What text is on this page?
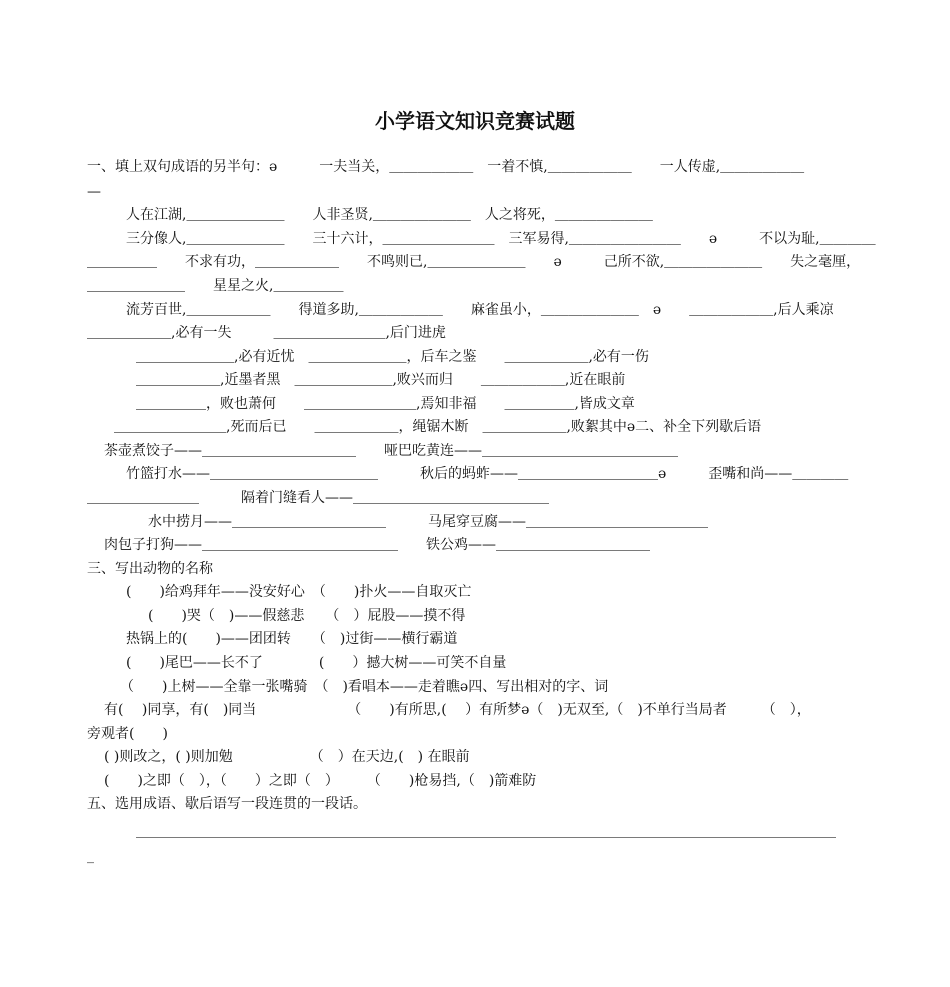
小学语文知识竞赛试题
一、填上双句成语的另半句：ə　　　一夫当关，＿＿＿＿＿＿　一着不慎,＿＿＿＿＿＿　　一人传虚,＿＿＿＿＿＿
—
人在江湖,＿＿＿＿＿＿＿　　人非圣贤,＿＿＿＿＿＿＿　人之将死，＿＿＿＿＿＿＿
三分像人,＿＿＿＿＿＿＿　　三十六计，＿＿＿＿＿＿＿＿　三军易得,＿＿＿＿＿＿＿＿　　ə　　　不以为耻,＿＿＿＿
＿＿＿＿＿　　不求有功，＿＿＿＿＿＿　　不鸣则已,＿＿＿＿＿＿＿　　ə　　　己所不欲,＿＿＿＿＿＿＿　　失之毫厘，
＿＿＿＿＿＿＿　　星星之火,＿＿＿＿＿
流芳百世,＿＿＿＿＿＿　　得道多助,＿＿＿＿＿＿　　麻雀虽小，＿＿＿＿＿＿＿　ə　　＿＿＿＿＿＿,后人乘凉
＿＿＿＿＿＿,必有一失　　　＿＿＿＿＿＿＿＿,后门进虎
＿＿＿＿＿＿＿,必有近忧　＿＿＿＿＿＿＿，后车之鉴　　＿＿＿＿＿＿,必有一伤
＿＿＿＿＿＿,近墨者黑　＿＿＿＿＿＿＿,败兴而归　　＿＿＿＿＿＿,近在眼前
＿＿＿＿＿，败也萧何　　＿＿＿＿＿＿＿＿,焉知非福　　＿＿＿＿＿,皆成文章
＿＿＿＿＿＿＿＿,死而后已　　＿＿＿＿＿＿，绳锯木断　＿＿＿＿＿＿,败絮其中ə二、补全下列歇后语
茶壶煮饺子——＿＿＿＿＿＿＿＿＿＿＿　　哑巴吃黄连——＿＿＿＿＿＿＿＿＿＿＿＿＿＿
竹篮打水——＿＿＿＿＿＿＿＿＿＿＿＿　　　秋后的蚂蚱——＿＿＿＿＿＿＿＿＿＿ə　　　歪嘴和尚——＿＿＿＿
＿＿＿＿＿＿＿＿　　　隔着门缝看人——＿＿＿＿＿＿＿＿＿＿＿＿＿＿
水中捞月——＿＿＿＿＿＿＿＿＿＿＿　　　马尾穿豆腐——＿＿＿＿＿＿＿＿＿＿＿＿＿
肉包子打狗——＿＿＿＿＿＿＿＿＿＿＿＿＿＿　　铁公鸡——＿＿＿＿＿＿＿＿＿＿＿
三、写出动物的名称
(　　)给鸡拜年——没安好心　（　　)扑火——自取灭亡
(　　)哭（　)——假慈悲　　（　）屁股——摸不得
热锅上的(　　)——团团转　　（　)过街——横行霸道
(　　)尾巴——长不了　　　　(　　）撼大树——可笑不自量
（　　)上树——全靠一张嘴骑　（　)看唱本——走着瞧ə四、写出相对的字、词
有(　 )同享，有(　)同当　　　　　　　（　　)有所思,(　 ）有所梦ə（　)无双至,（　)不单行当局者　　　（　），
旁观者(　　)
( )则改之，( )则加勉　　　　　　（　）在天边,(　) 在眼前
(　　)之即（　），（　　）之即（　）　　　（　　)枪易挡,（　)箭难防
五、选用成语、歇后语写一段连贯的一段话。
＿＿＿＿＿＿＿＿＿＿＿＿＿＿＿＿＿＿＿＿＿＿＿＿＿＿＿＿＿＿＿＿＿＿＿＿＿＿＿＿＿＿＿＿＿＿＿＿＿＿
_
